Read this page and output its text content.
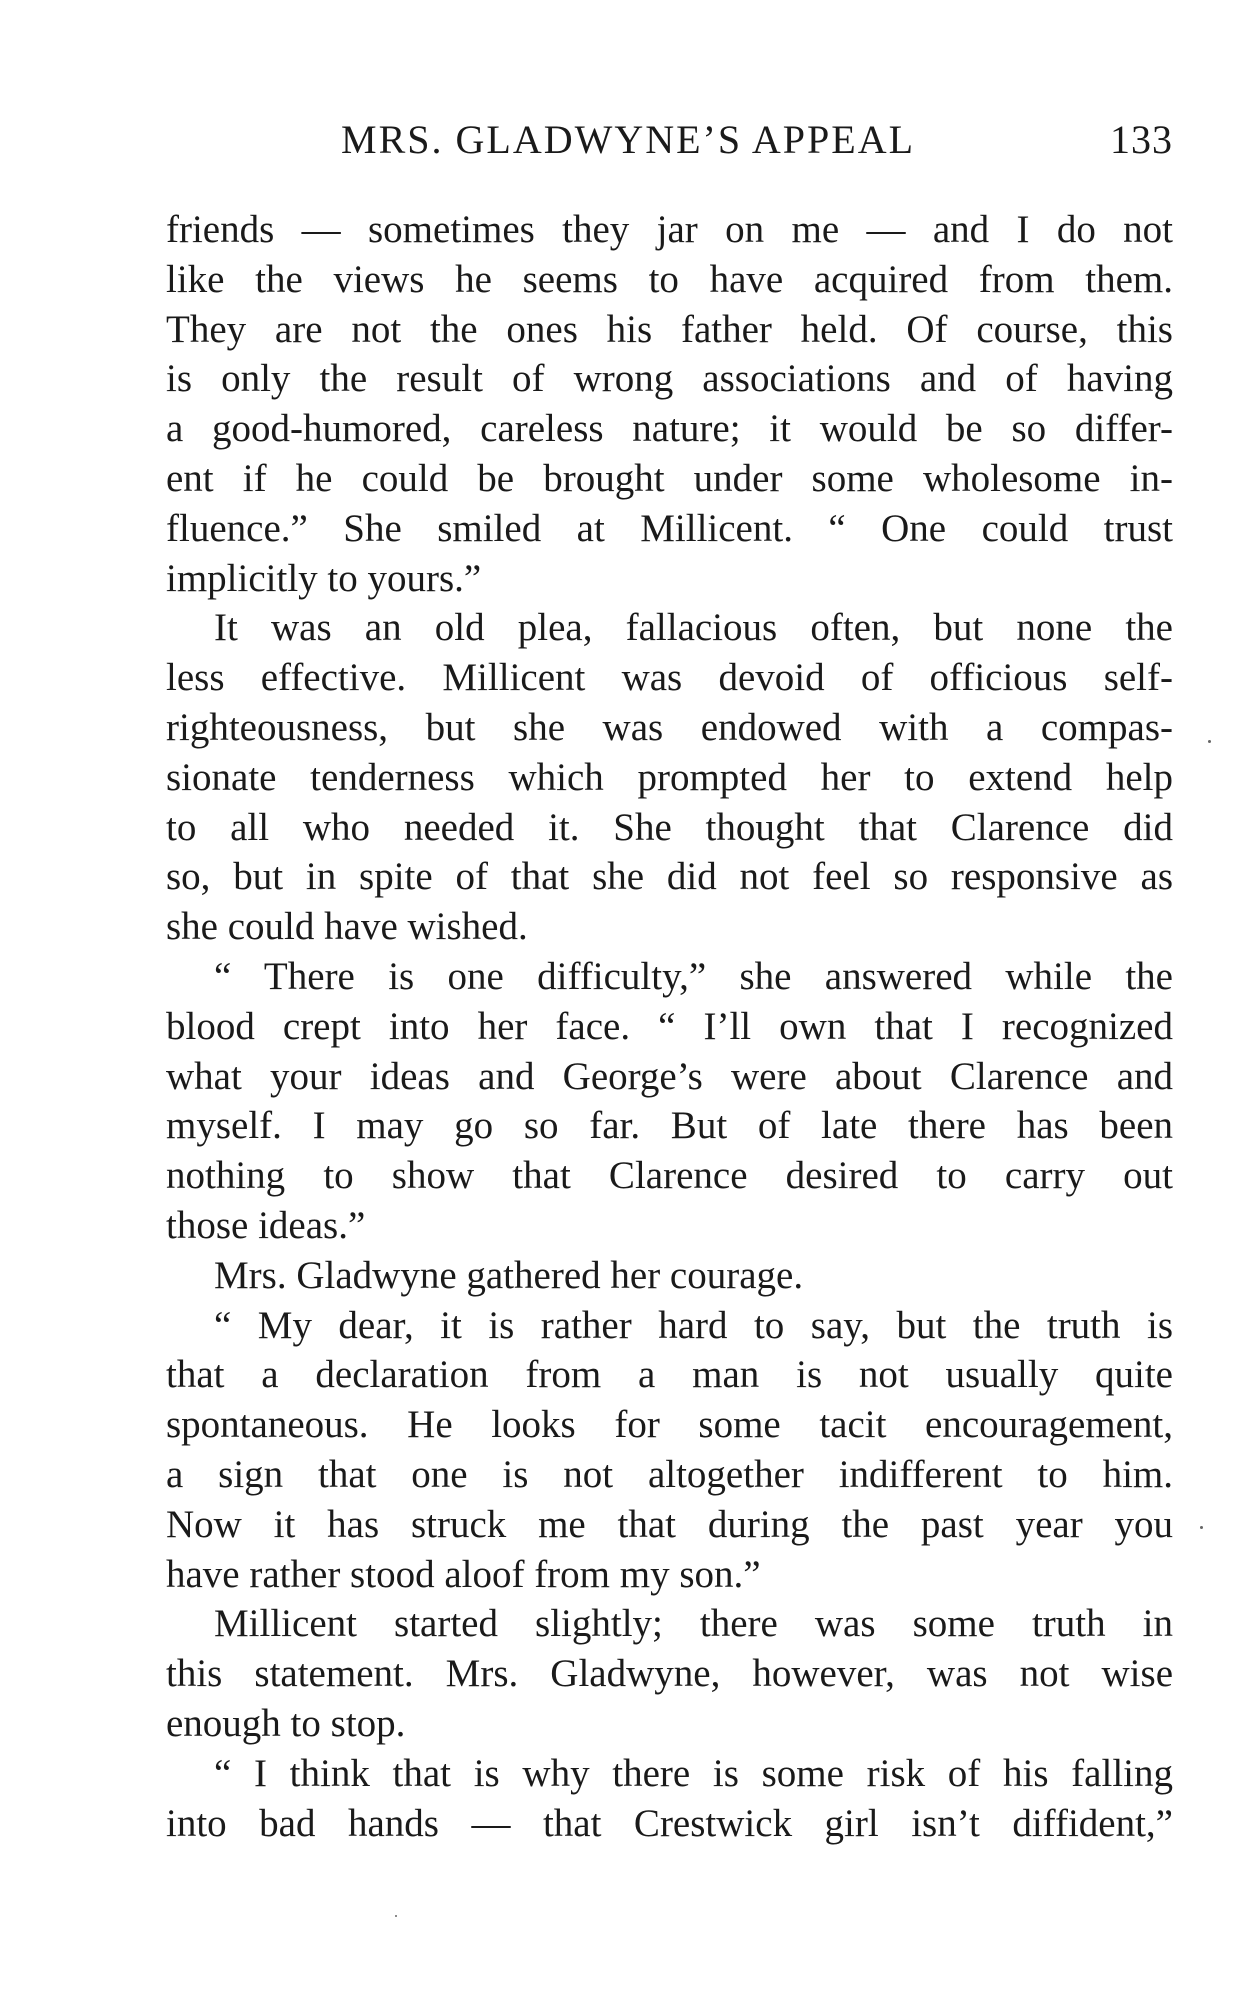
MRS. GLADWYNE’S APPEAL	133
friends — sometimes they jar on me — and I do not
like the views he seems to have acquired from them.
They are not the ones his father held. Of course, this
is only the result of wrong associations and of having
a good-humored, careless nature; it would be so differ-
ent if he could be brought under some wholesome in-
fluence.” She smiled at Millicent. “ One could trust
implicitly to yours.”
It was an old plea, fallacious often, but none the
less effective. Millicent was devoid of officious self-
righteousness, but she was endowed with a compas-
sionate tenderness which prompted her to extend help
to all who needed it. She thought that Clarence did
so, but in spite of that she did not feel so responsive as
she could have wished.
“ There is one difficulty,” she answered while the
blood crept into her face. “ I’ll own that I recognized
what your ideas and George’s were about Clarence and
myself. I may go so far. But of late there has been
nothing to show that Clarence desired to carry out
those ideas.”
Mrs. Gladwyne gathered her courage.
“ My dear, it is rather hard to say, but the truth is
that a declaration from a man is not usually quite
spontaneous. He looks for some tacit encouragement,
a sign that one is not altogether indifferent to him.
Now it has struck me that during the past year you
have rather stood aloof from my son.”
Millicent started slightly; there was some truth in
this statement. Mrs. Gladwyne, however, was not wise
enough to stop.
“ I think that is why there is some risk of his falling
into bad hands — that Crestwick girl isn’t diffident,”
